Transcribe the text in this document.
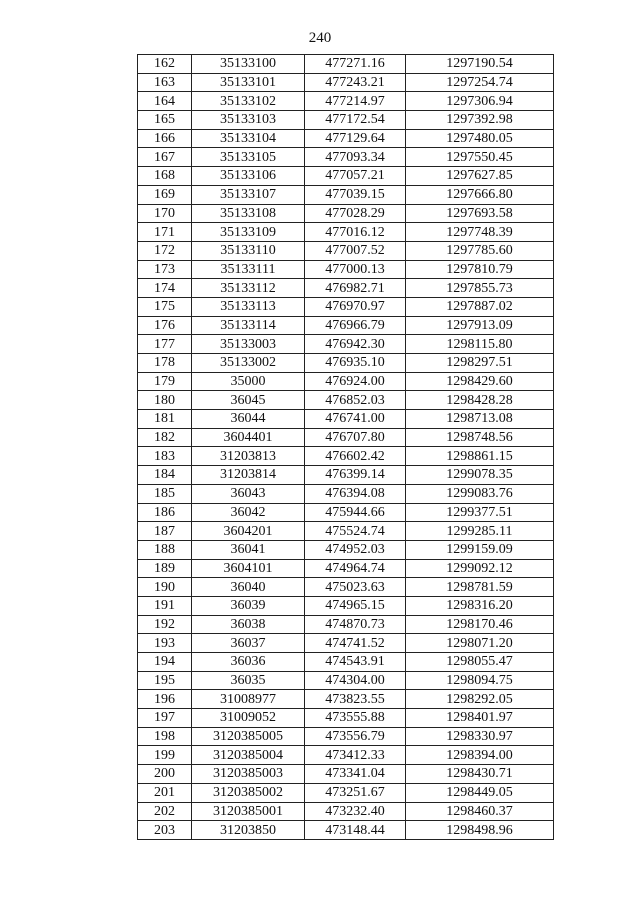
240
162	35133100	477271.16	1297190.54
163	35133101	477243.21	1297254.74
164	35133102	477214.97	1297306.94
165	35133103	477172.54	1297392.98
166	35133104	477129.64	1297480.05
167	35133105	477093.34	1297550.45
168	35133106	477057.21	1297627.85
169	35133107	477039.15	1297666.80
170	35133108	477028.29	1297693.58
171	35133109	477016.12	1297748.39
172	35133110	477007.52	1297785.60
173	35133111	477000.13	1297810.79
174	35133112	476982.71	1297855.73
175	35133113	476970.97	1297887.02
176	35133114	476966.79	1297913.09
177	35133003	476942.30	1298115.80
178	35133002	476935.10	1298297.51
179	35000	476924.00	1298429.60
180	36045	476852.03	1298428.28
181	36044	476741.00	1298713.08
182	3604401	476707.80	1298748.56
183	31203813	476602.42	1298861.15
184	31203814	476399.14	1299078.35
185	36043	476394.08	1299083.76
186	36042	475944.66	1299377.51
187	3604201	475524.74	1299285.11
188	36041	474952.03	1299159.09
189	3604101	474964.74	1299092.12
190	36040	475023.63	1298781.59
191	36039	474965.15	1298316.20
192	36038	474870.73	1298170.46
193	36037	474741.52	1298071.20
194	36036	474543.91	1298055.47
195	36035	474304.00	1298094.75
196	31008977	473823.55	1298292.05
197	31009052	473555.88	1298401.97
198	3120385005	473556.79	1298330.97
199	3120385004	473412.33	1298394.00
200	3120385003	473341.04	1298430.71
201	3120385002	473251.67	1298449.05
202	3120385001	473232.40	1298460.37
203	31203850	473148.44	1298498.96
